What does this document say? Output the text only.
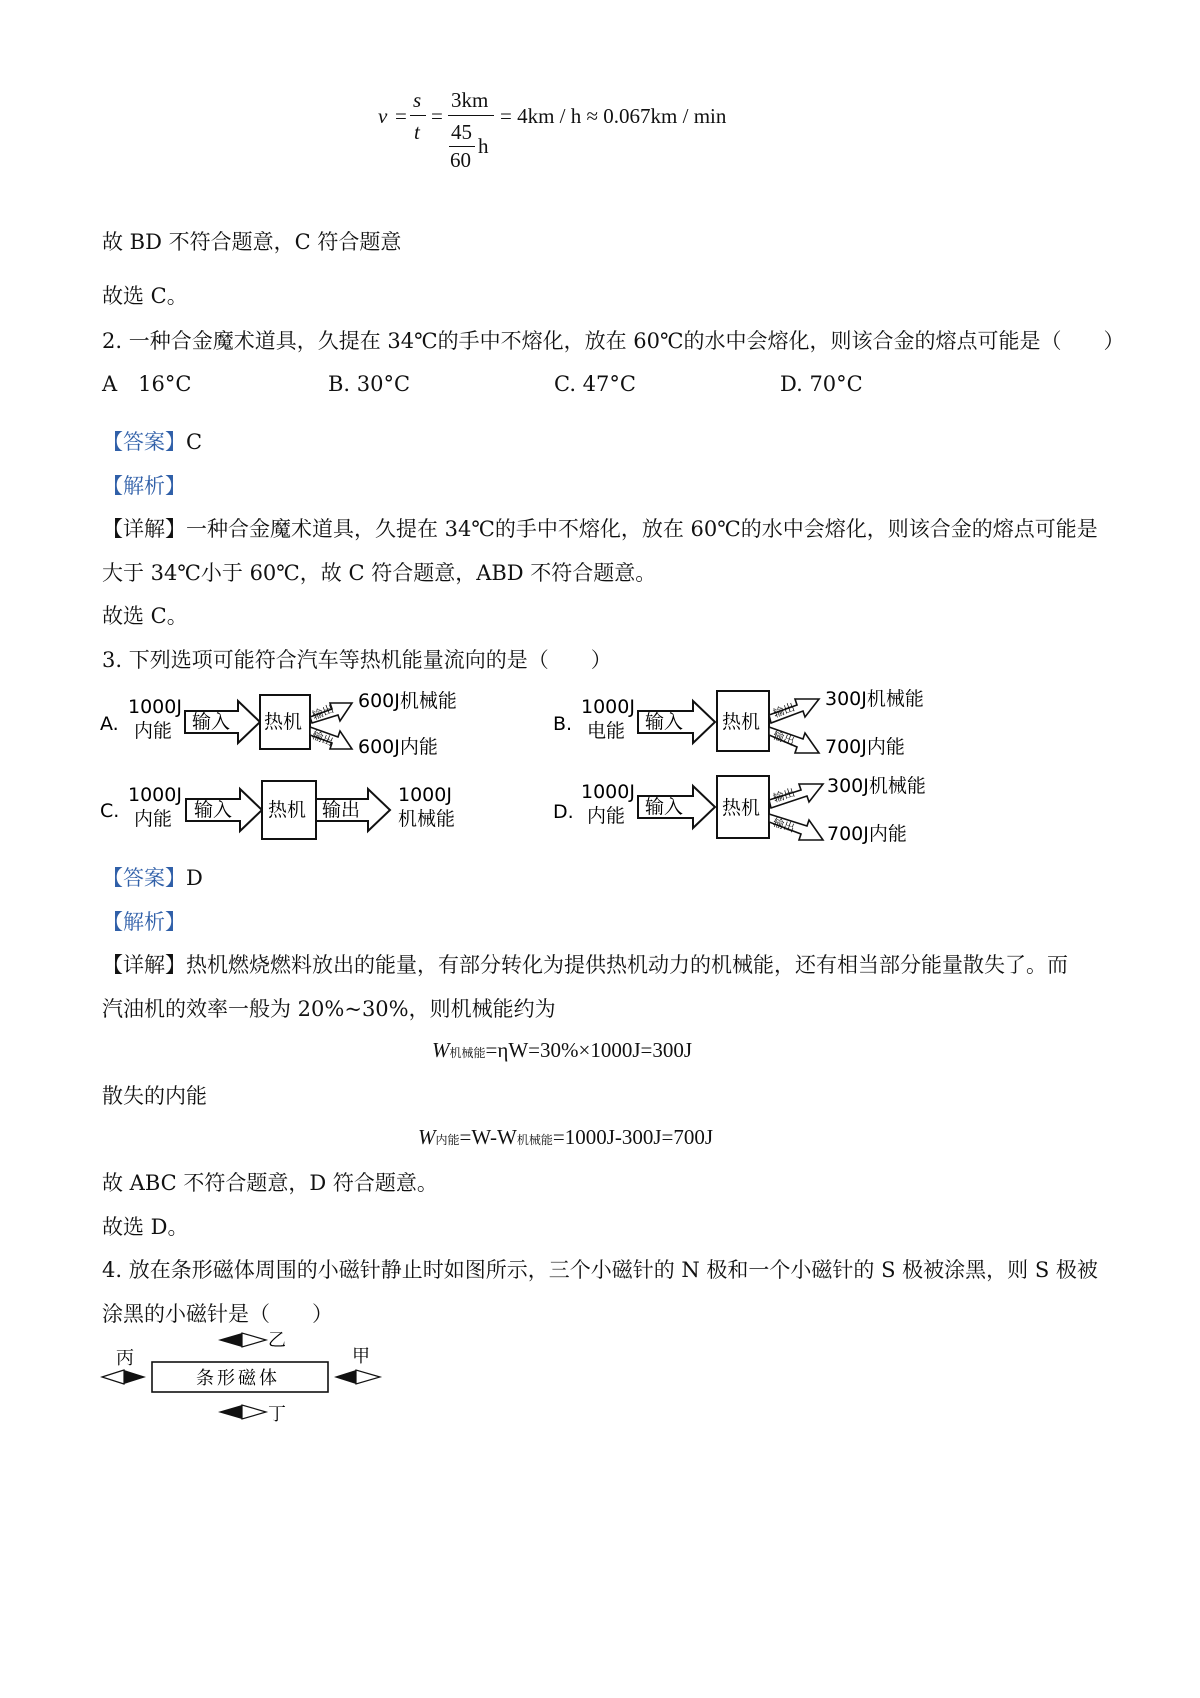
v =
s
t
=
3km
45
60
h
= 4km / h ≈ 0.067km / min
故 BD 不符合题意，C 符合题意
故选 C。
2. 一种合金魔术道具，久提在 34℃的手中不熔化，放在 60℃的水中会熔化，则该合金的熔点可能是（　　）
A　16°C	B. 30°C	C. 47°C	D. 70°C
【答案】C
【解析】
【详解】一种合金魔术道具，久提在 34℃的手中不熔化，放在 60℃的水中会熔化，则该合金的熔点可能是
大于 34℃小于 60℃，故 C 符合题意，ABD 不符合题意。
故选 C。
3. 下列选项可能符合汽车等热机能量流向的是（　　）
A.
1000J
内能 输入 热机 输出
输出
600J机械能
600J内能
B.
1000J
电能 输入 热机
输出
输出
300J机械能
700J内能
C.
1000J
内能 输入 热机 输出
1000J
机械能	D.
1000J
内能 输入 热机
输出
输出
300J机械能
700J内能
【答案】D
【解析】
【详解】热机燃烧燃料放出的能量，有部分转化为提供热机动力的机械能，还有相当部分能量散失了。而
汽油机的效率一般为 20%~30%，则机械能约为
W机械能=ηW=30%×1000J=300J
散失的内能
W内能=W-W机械能=1000J-300J=700J
故 ABC 不符合题意，D 符合题意。
故选 D。
4. 放在条形磁体周围的小磁针静止时如图所示，三个小磁针的 N 极和一个小磁针的 S 极被涂黑，则 S 极被
涂黑的小磁针是（　　）
条形磁体
乙
丙	甲
丁
